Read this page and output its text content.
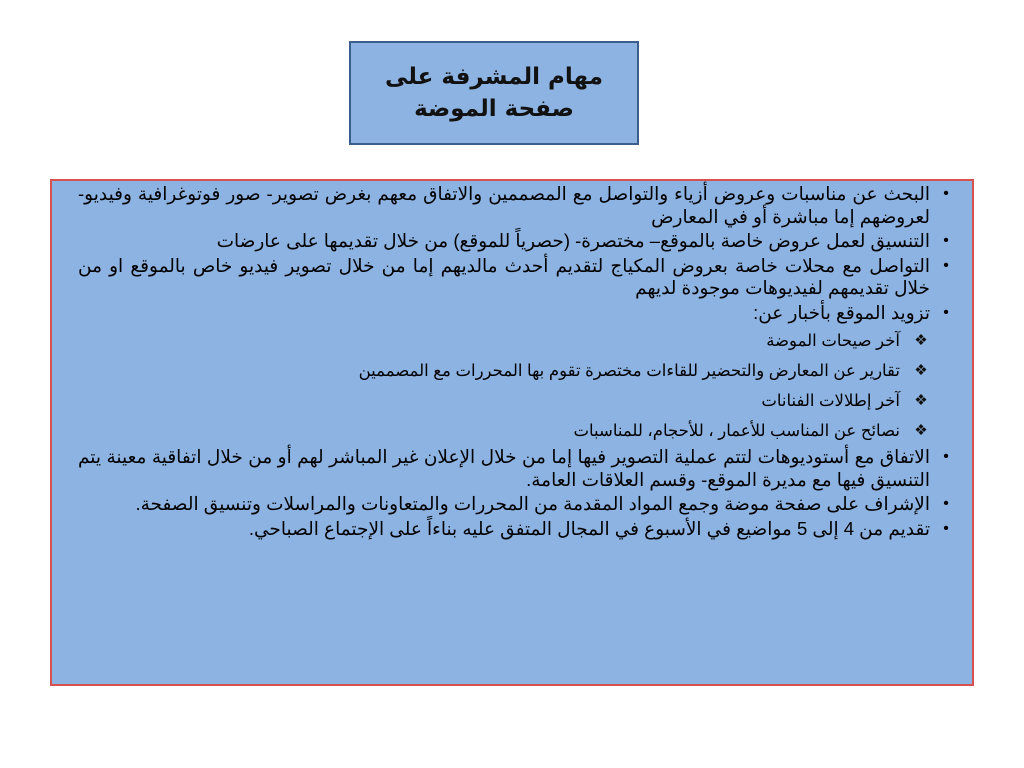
مهام المشرفة على
صفحة الموضة
•
البحث عن مناسبات وعروض أزياء والتواصل مع المصممين والاتفاق معهم بغرض تصوير- صور فوتوغرافية وفيديو- لعروضهم إما مباشرة أو في المعارض
•
التنسيق لعمل عروض خاصة بالموقع– مختصرة- (حصرياً للموقع) من خلال تقديمها على عارضات
•
التواصل مع محلات خاصة بعروض المكياج لتقديم أحدث مالديهم إما من خلال تصوير فيديو خاص بالموقع او من خلال تقديمهم لفيديوهات موجودة لديهم
•
تزويد الموقع بأخبار عن:
❖
آخر صيحات الموضة
❖
تقارير عن المعارض والتحضير للقاءات مختصرة تقوم بها المحررات مع المصممين
❖
آخر إطلالات الفنانات
❖
نصائح عن المناسب للأعمار ، للأحجام، للمناسبات
•
الاتفاق مع أستوديوهات لتتم عملية التصوير فيها إما من خلال الإعلان غير المباشر لهم أو من خلال اتفاقية معينة يتم التنسيق فيها مع مديرة الموقع- وقسم العلاقات العامة.
•
الإشراف على صفحة موضة وجمع المواد المقدمة من المحررات والمتعاونات والمراسلات وتنسيق الصفحة.
•
تقديم من 4 إلى 5 مواضيع في الأسبوع في المجال المتفق عليه بناءاً على الإجتماع الصباحي.
